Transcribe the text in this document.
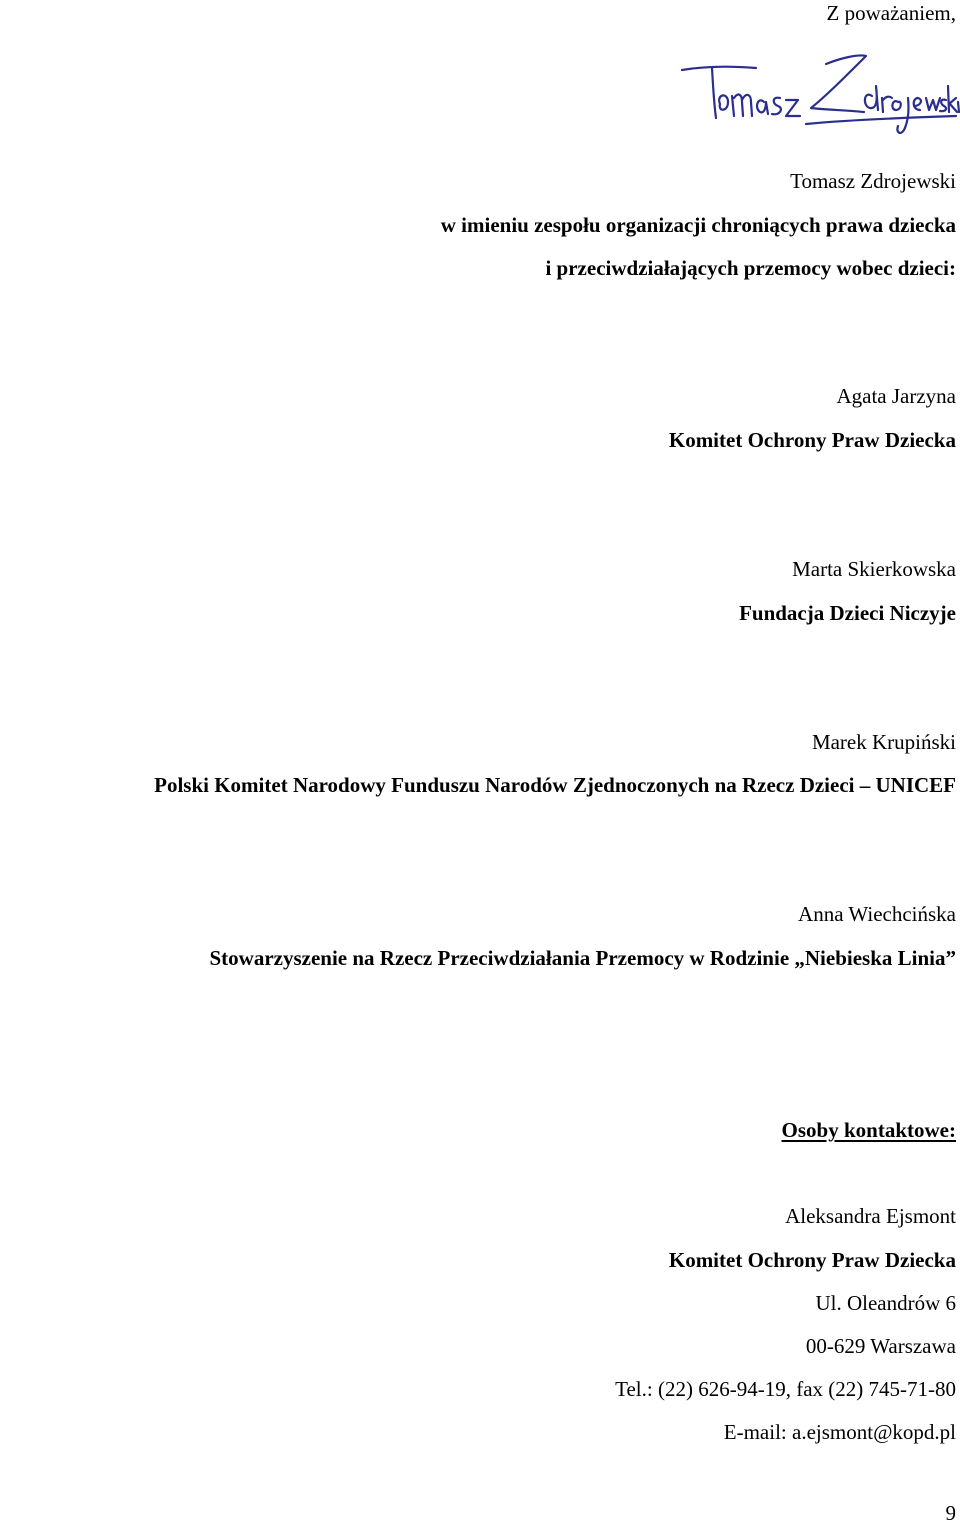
Z poważaniem,
Tomasz Zdrojewski
w imieniu zespołu organizacji chroniących prawa dziecka
i przeciwdziałających przemocy wobec dzieci:
Agata Jarzyna
Komitet Ochrony Praw Dziecka
Marta Skierkowska
Fundacja Dzieci Niczyje
Marek Krupiński
Polski Komitet Narodowy Funduszu Narodów Zjednoczonych na Rzecz Dzieci – UNICEF
Anna Wiechcińska
Stowarzyszenie na Rzecz Przeciwdziałania Przemocy w Rodzinie „Niebieska Linia”
Osoby kontaktowe:
Aleksandra Ejsmont
Komitet Ochrony Praw Dziecka
Ul. Oleandrów 6
00-629 Warszawa
Tel.: (22) 626-94-19, fax (22) 745-71-80
E-mail: a.ejsmont@kopd.pl
9
